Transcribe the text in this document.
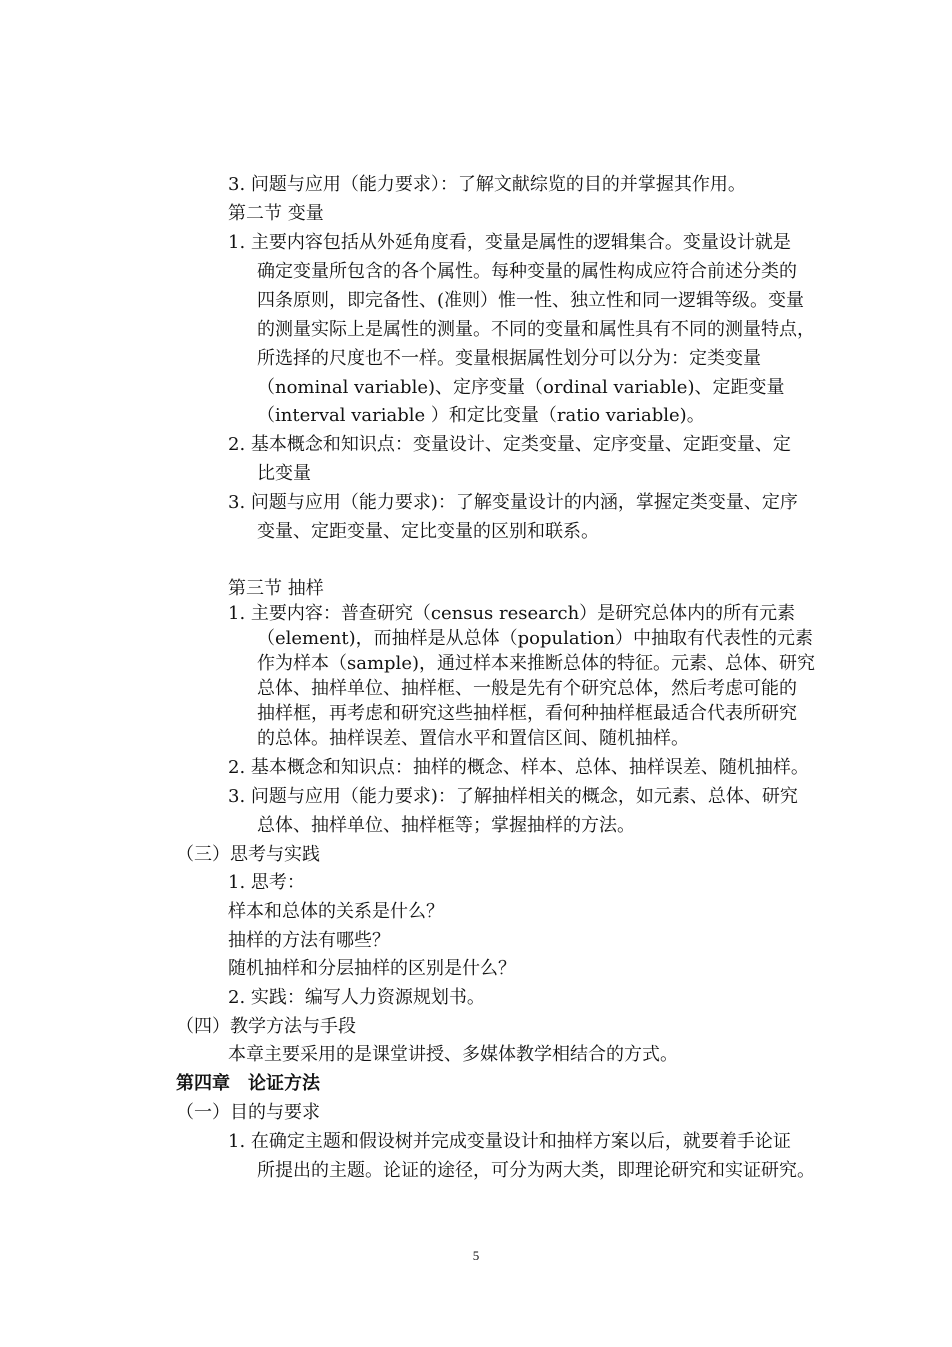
3. 问题与应用（能力要求）：了解文献综览的目的并掌握其作用。
第二节 变量
1. 主要内容包括从外延角度看，变量是属性的逻辑集合。变量设计就是
确定变量所包含的各个属性。每种变量的属性构成应符合前述分类的
四条原则，即完备性、(准则）惟一性、独立性和同一逻辑等级。变量
的测量实际上是属性的测量。不同的变量和属性具有不同的测量特点，
所选择的尺度也不一样。变量根据属性划分可以分为：定类变量
（nominal variable)、定序变量（ordinal variable)、定距变量
（interval variable ）和定比变量（ratio variable)。
2. 基本概念和知识点：变量设计、定类变量、定序变量、定距变量、定
比变量
3. 问题与应用（能力要求)：了解变量设计的内涵，掌握定类变量、定序
变量、定距变量、定比变量的区别和联系。
第三节 抽样
1. 主要内容：普查研究（census research）是研究总体内的所有元素
（element)，而抽样是从总体（population）中抽取有代表性的元素
作为样本（sample)，通过样本来推断总体的特征。元素、总体、研究
总体、抽样单位、抽样框、一般是先有个研究总体，然后考虑可能的
抽样框，再考虑和研究这些抽样框，看何种抽样框最适合代表所研究
的总体。抽样误差、置信水平和置信区间、随机抽样。
2. 基本概念和知识点：抽样的概念、样本、总体、抽样误差、随机抽样。
3. 问题与应用（能力要求)：了解抽样相关的概念，如元素、总体、研究
总体、抽样单位、抽样框等；掌握抽样的方法。
（三）思考与实践
1. 思考：
样本和总体的关系是什么？
抽样的方法有哪些？
随机抽样和分层抽样的区别是什么？
2. 实践：编写人力资源规划书。
（四）教学方法与手段
本章主要采用的是课堂讲授、多媒体教学相结合的方式。
第四章　论证方法
（一）目的与要求
1. 在确定主题和假设树并完成变量设计和抽样方案以后，就要着手论证
所提出的主题。论证的途径，可分为两大类，即理论研究和实证研究。
5
